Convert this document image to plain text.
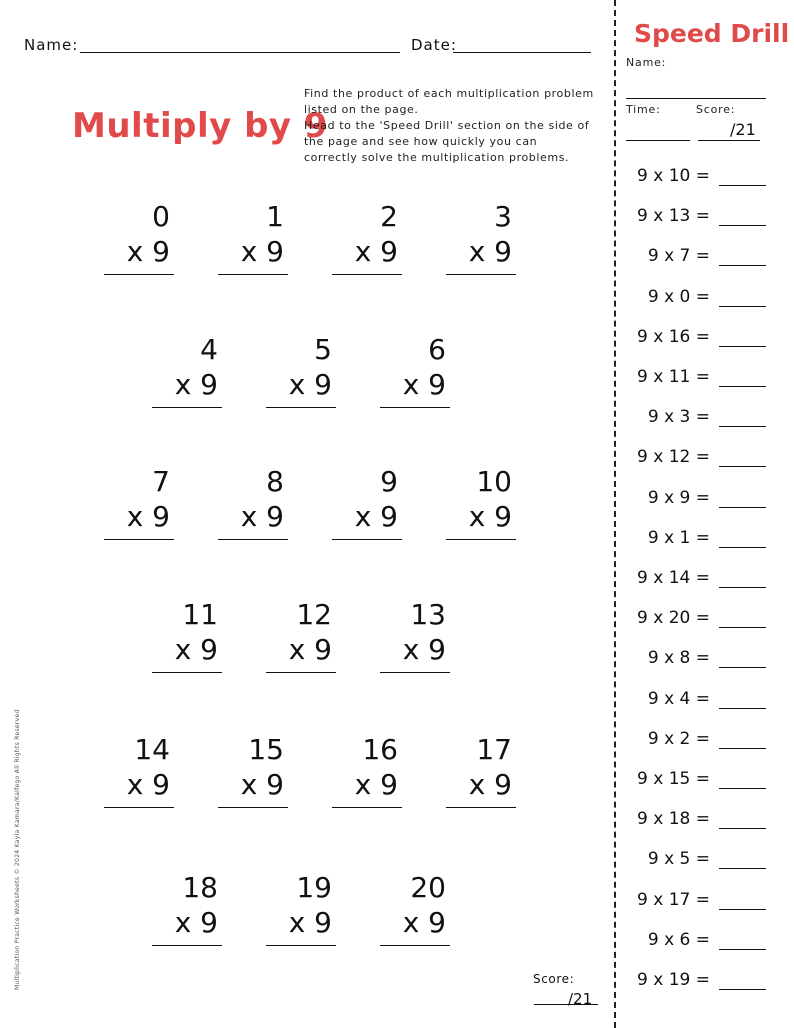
Name:	Date:
Multiply by 9
Find the product of each multiplication problem listed on the page.
Head to the 'Speed Drill' section on the side of the page and see how quickly you can correctly solve the multiplication problems.
0
x 9
1
x 9
2
x 9
3
x 9
4
x 9
5
x 9
6
x 9
7
x 9
8
x 9
9
x 9
10
x 9
11
x 9
12
x 9
13
x 9
14
x 9
15
x 9
16
x 9
17
x 9
18
x 9
19
x 9
20
x 9
Score:
/21
Speed Drill
Name:
Time:	Score:
/21
9 x 10 =
9 x 13 =
9 x 7 =
9 x 0 =
9 x 16 =
9 x 11 =
9 x 3 =
9 x 12 =
9 x 9 =
9 x 1 =
9 x 14 =
9 x 20 =
9 x 8 =
9 x 4 =
9 x 2 =
9 x 15 =
9 x 18 =
9 x 5 =
9 x 17 =
9 x 6 =
9 x 19 =
Multiplication Practice Worksheets © 2024 Kayla Kamara/Kalfego All Rights Reserved
